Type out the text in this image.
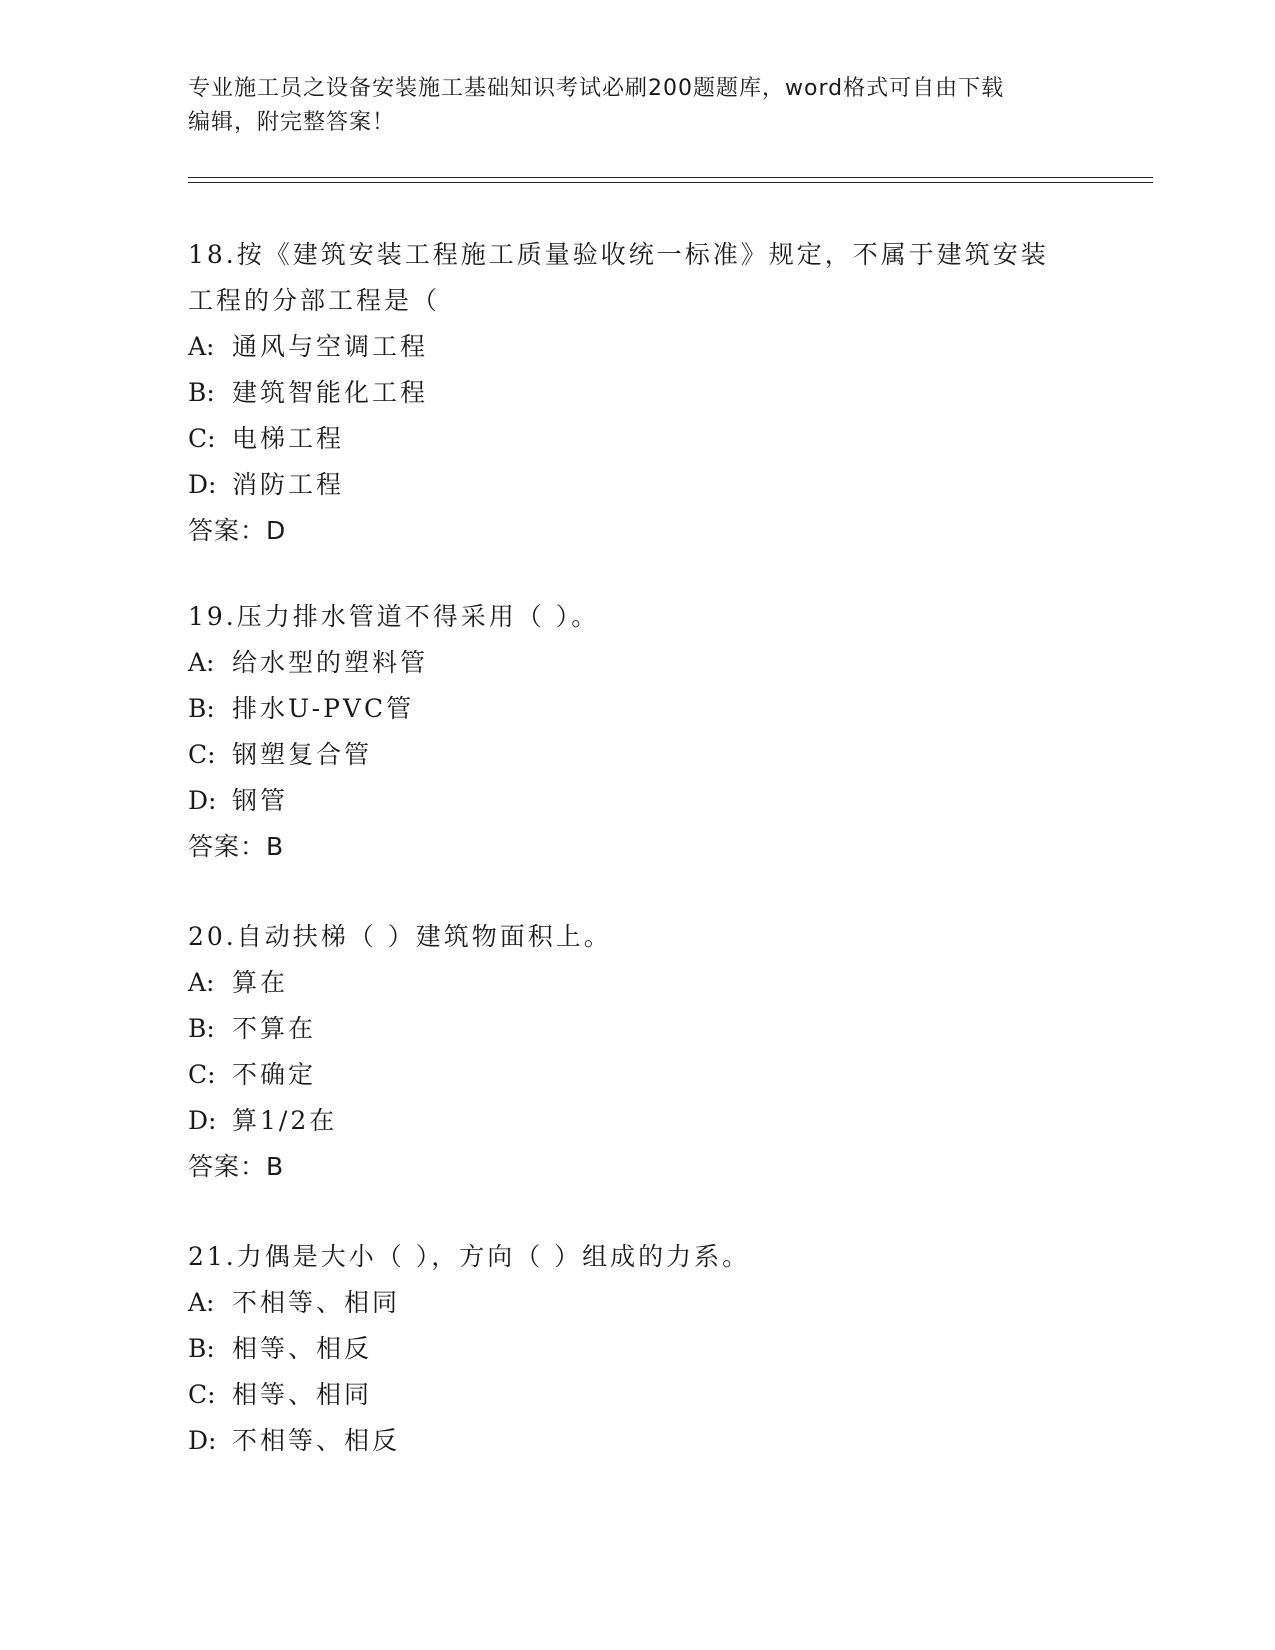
专业施工员之设备安装施工基础知识考试必刷200题题库，word格式可自由下载
编辑，附完整答案！
18.按《建筑安装工程施工质量验收统一标准》规定，不属于建筑安装
工程的分部工程是（
A: 通风与空调工程
B: 建筑智能化工程
C: 电梯工程
D: 消防工程
答案：D
19.压力排水管道不得采用（ ）。
A: 给水型的塑料管
B: 排水U-PVC管
C: 钢塑复合管
D: 钢管
答案：B
20.自动扶梯（ ）建筑物面积上。
A: 算在
B: 不算在
C: 不确定
D: 算1/2在
答案：B
21.力偶是大小（ ），方向（ ）组成的力系。
A: 不相等、相同
B: 相等、相反
C: 相等、相同
D: 不相等、相反
